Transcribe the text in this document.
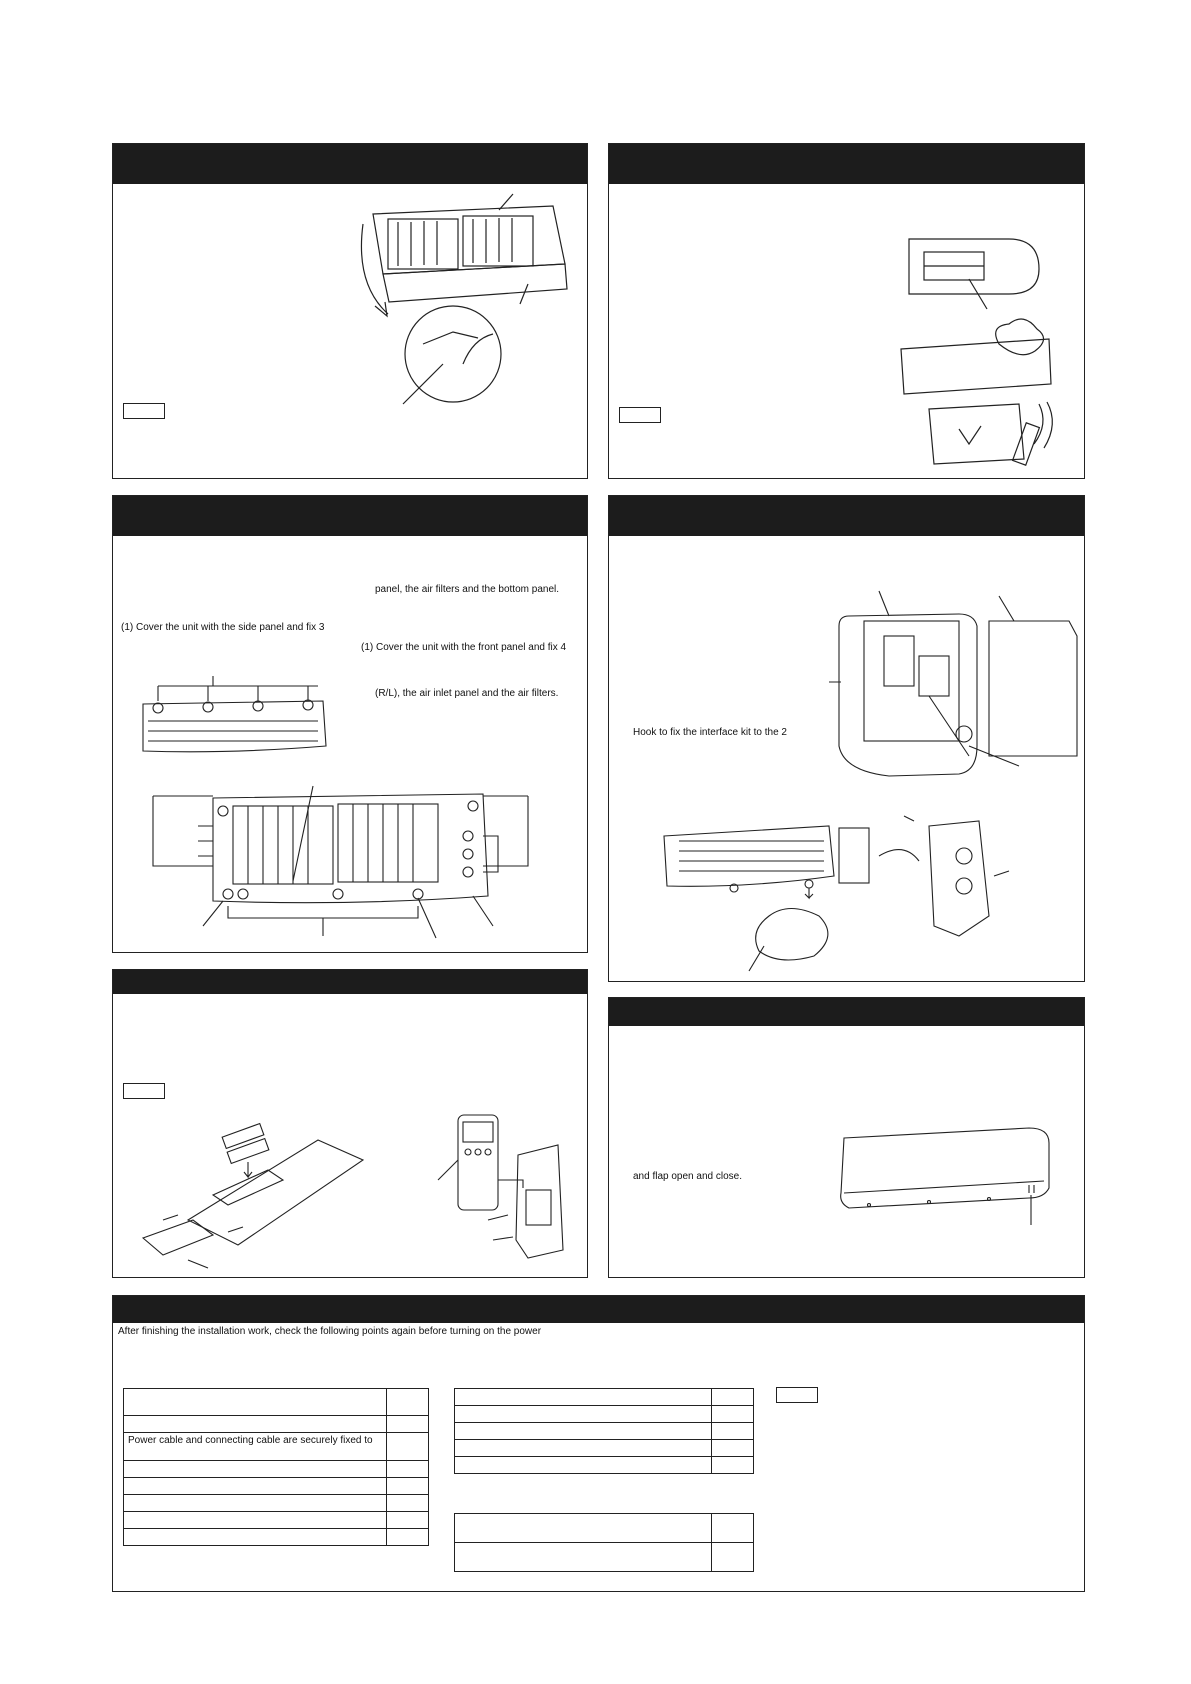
panel, the air filters and the bottom panel.
(1) Cover the unit with the side panel and fix 3
(1) Cover the unit with the front panel and fix 4
(R/L), the air inlet panel and the air filters.
Hook to fix the interface kit to the 2
and flap open and close.
After finishing the installation work, check the following points again before turning on the power

Power cable and connecting cable are securely fixed to	
